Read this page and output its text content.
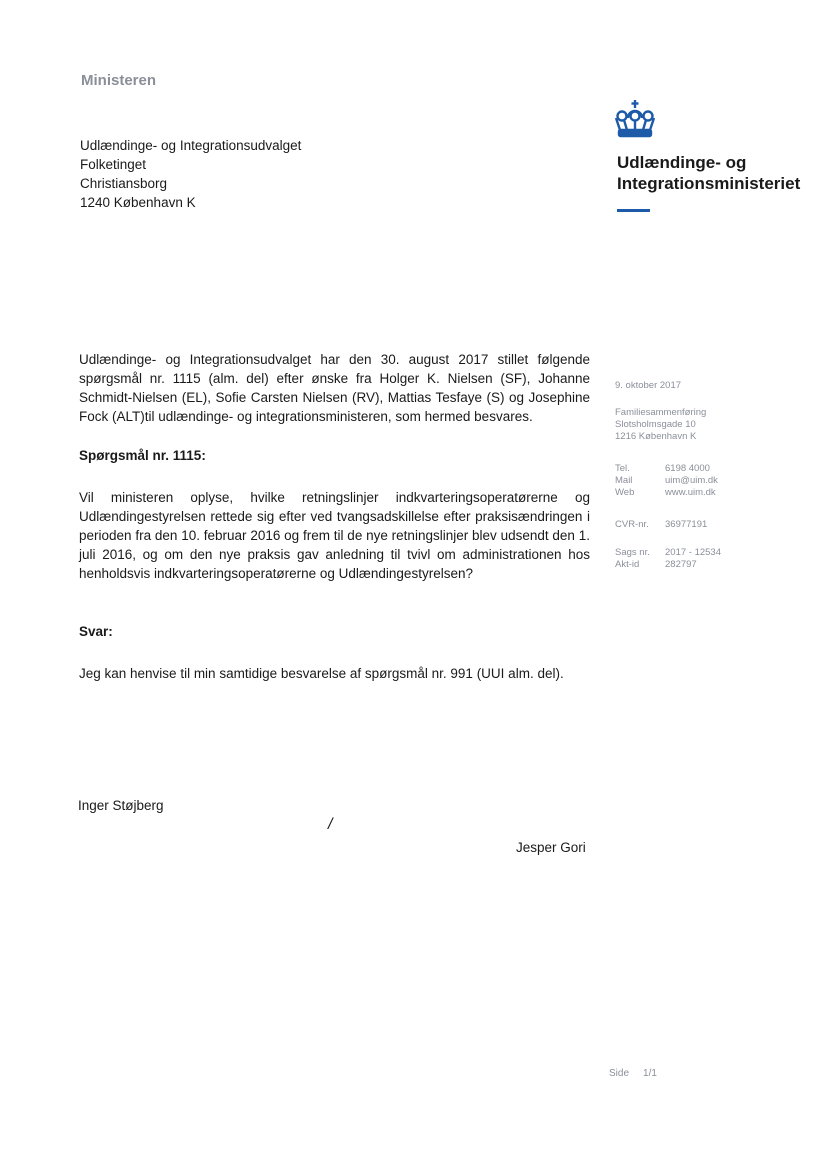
Ministeren
Udlændinge- og Integrationsudvalget
Folketinget
Christiansborg
1240 København K
Udlændinge- og
Integrationsministeriet
Udlændinge- og Integrationsudvalget har den 30. august 2017 stillet følgende spørgsmål nr. 1115 (alm. del) efter ønske fra Holger K. Nielsen (SF), Johanne Schmidt-Nielsen (EL), Sofie Carsten Nielsen (RV), Mattias Tesfaye (S) og Josephine Fock (ALT)til udlændinge- og integrationsministeren, som hermed besvares.
Spørgsmål nr. 1115:
Vil ministeren oplyse, hvilke retningslinjer indkvarteringsoperatørerne og Udlændingestyrelsen rettede sig efter ved tvangsadskillelse efter praksisændringen i perioden fra den 10. februar 2016 og frem til de nye retningslinjer blev udsendt den 1. juli 2016, og om den nye praksis gav anledning til tvivl om administrationen hos henholdsvis indkvarteringsoperatørerne og Udlændingestyrelsen?
Svar:
Jeg kan henvise til min samtidige besvarelse af spørgsmål nr. 991 (UUI alm. del).
Inger Støjberg
/
Jesper Gori
9. oktober 2017
Familiesammenføring
Slotsholmsgade 10
1216 København K
Tel.	6198 4000
Mail	uim@uim.dk
Web	www.uim.dk
CVR-nr.	36977191
Sags nr.	2017 - 12534
Akt-id	282797
Side 1/1
